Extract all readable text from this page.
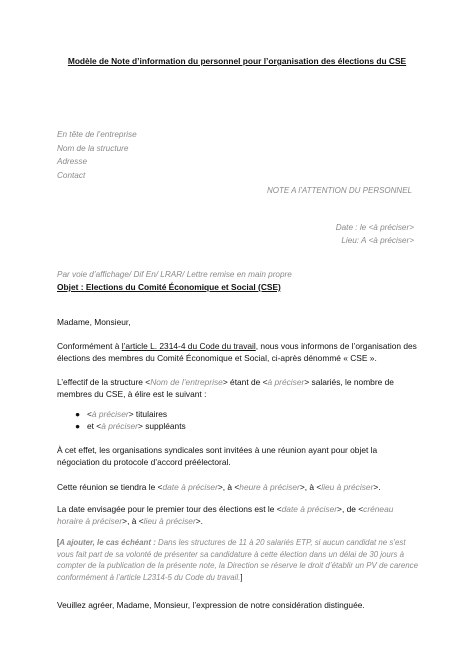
Modèle de Note d’information du personnel pour l’organisation des élections du CSE
En tête de l’entreprise
Nom de la structure
Adresse
Contact
NOTE A l’ATTENTION DU PERSONNEL
Date : le <à préciser>
Lieu: A <à préciser>
Par voie d’affichage/ Dif En/ LRAR/ Lettre remise en main propre
Objet : Elections du Comité Économique et Social (CSE)
Madame, Monsieur,
Conformément à l’article L. 2314-4 du Code du travail, nous vous informons de l’organisation des élections des membres du Comité Économique et Social, ci-après dénommé « CSE ».
L’effectif de la structure <Nom de l’entreprise> étant de <à préciser> salariés, le nombre de membres du CSE, à élire est le suivant :
● <à préciser> titulaires
● et <à préciser> suppléants
À cet effet, les organisations syndicales sont invitées à une réunion ayant pour objet la négociation du protocole d’accord préélectoral.
Cette réunion se tiendra le <date à préciser>, à <heure à préciser>, à <lieu à préciser>.
La date envisagée pour le premier tour des élections est le <date à préciser>, de <créneau horaire à préciser>, à <lieu à préciser>.
[A ajouter, le cas échéant : Dans les structures de 11 à 20 salariés ETP, si aucun candidat ne s’est vous fait part de sa volonté de présenter sa candidature à cette élection dans un délai de 30 jours à compter de la publication de la présente note, la Direction se réserve le droit d’établir un PV de carence conformément à l’article L2314-5 du Code du travail.]
Veuillez agréer, Madame, Monsieur, l’expression de notre considération distinguée.
